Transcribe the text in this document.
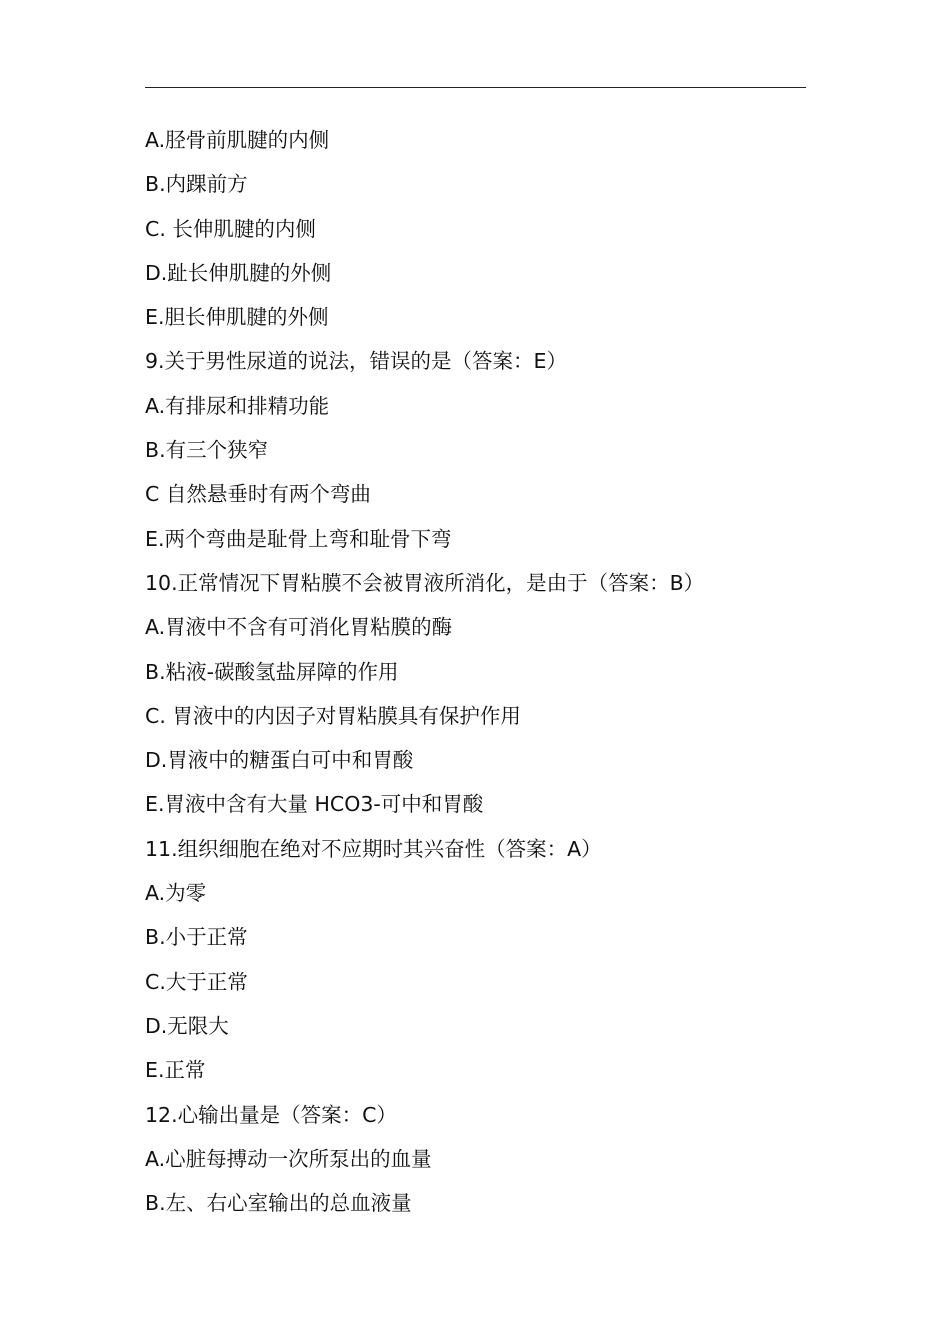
A.胫骨前肌腱的内侧
B.内踝前方
C. 长伸肌腱的内侧
D.趾长伸肌腱的外侧
E.胆长伸肌腱的外侧
9.关于男性尿道的说法，错误的是（答案：E）
A.有排尿和排精功能
B.有三个狭窄
C 自然悬垂时有两个弯曲
E.两个弯曲是耻骨上弯和耻骨下弯
10.正常情况下胃粘膜不会被胃液所消化，是由于（答案：B）
A.胃液中不含有可消化胃粘膜的酶
B.粘液-碳酸氢盐屏障的作用
C. 胃液中的内因子对胃粘膜具有保护作用
D.胃液中的糖蛋白可中和胃酸
E.胃液中含有大量 HCO3-可中和胃酸
11.组织细胞在绝对不应期时其兴奋性（答案：A）
A.为零
B.小于正常
C.大于正常
D.无限大
E.正常
12.心输出量是（答案：C）
A.心脏每搏动一次所泵出的血量
B.左、右心室输出的总血液量
